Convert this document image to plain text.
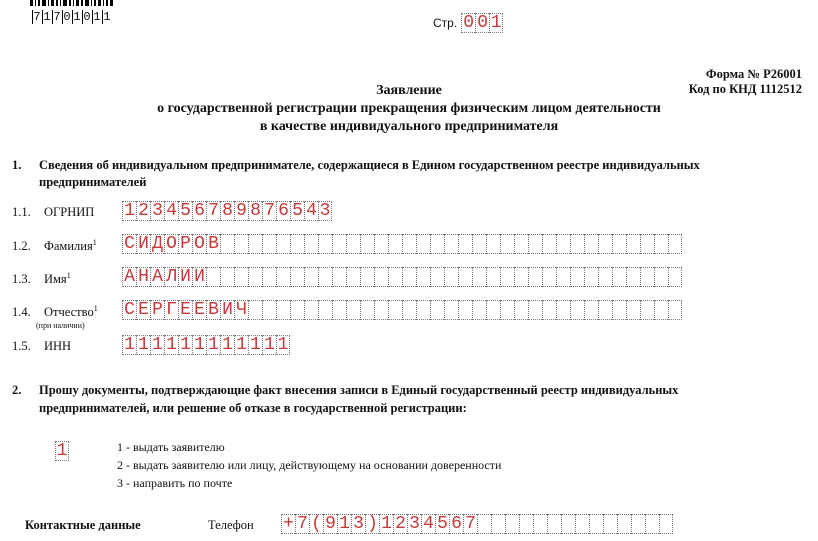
7 1 7 0 1 0 1 1	Стр. 0 0 1
Форма № Р26001
Код по КНД 1112512
Заявление
о государственной регистрации прекращения физическим лицом деятельности
в качестве индивидуального предпринимателя
1. Сведения об индивидуальном предпринимателе, содержащиеся в Едином государственном реестре индивидуальных
предпринимателей
1.1. ОГРНИП 1 2 3 4 5 6 7 8 9 8 7 6 5 4 3
1.2. Фамилия$^1$ С И Д О Р О В
1.3. Имя$^1$	А Н А Л И И
1.4. Отчество$^1$
(при наличии)
С Е Р Г Е Е В И Ч
1.5. ИНН	1 1 1 1 1 1 1 1 1 1 1 1
2. Прошу документы, подтверждающие факт внесения записи в Единый государственный реестр индивидуальных
предпринимателей, или решение об отказе в государственной регистрации:
1	1 - выдать заявителю
2 - выдать заявителю или лицу, действующему на основании доверенности
3 - направить по почте
Контактные данные	Телефон + 7 ( 9 1 3 ) 1 2 3 4 5 6 7
